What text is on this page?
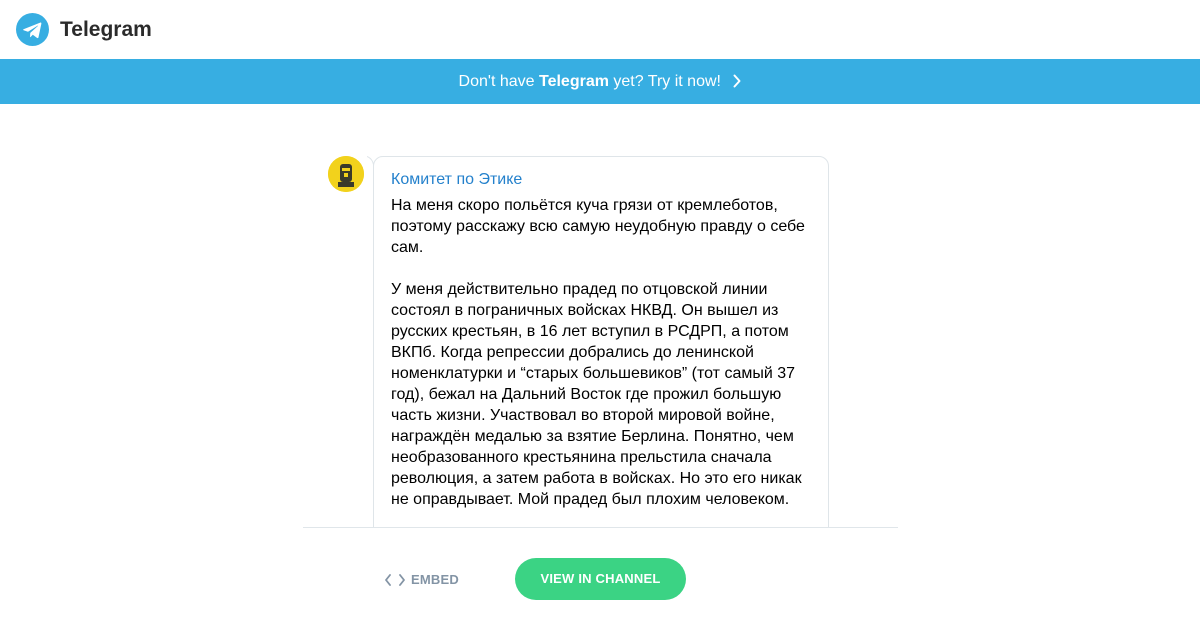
Telegram
Don't have Telegram yet? Try it now!
Комитет по Этике
На меня скоро польётся куча грязи от кремлеботов, поэтому расскажу всю самую неудобную правду о себе сам.

У меня действительно прадед по отцовской линии состоял в пограничных войсках НКВД. Он вышел из русских крестьян, в 16 лет вступил в РСДРП, а потом ВКПб. Когда репрессии добрались до ленинской номенклатурки и “старых большевиков” (тот самый 37 год), бежал на Дальний Восток где прожил большую часть жизни. Участвовал во второй мировой войне, награждён медалью за взятие Берлина. Понятно, чем необразованного крестьянина прельстила сначала революция, а затем работа в войсках. Но это его никак не оправдывает. Мой прадед был плохим человеком.
EMBED	VIEW IN CHANNEL
